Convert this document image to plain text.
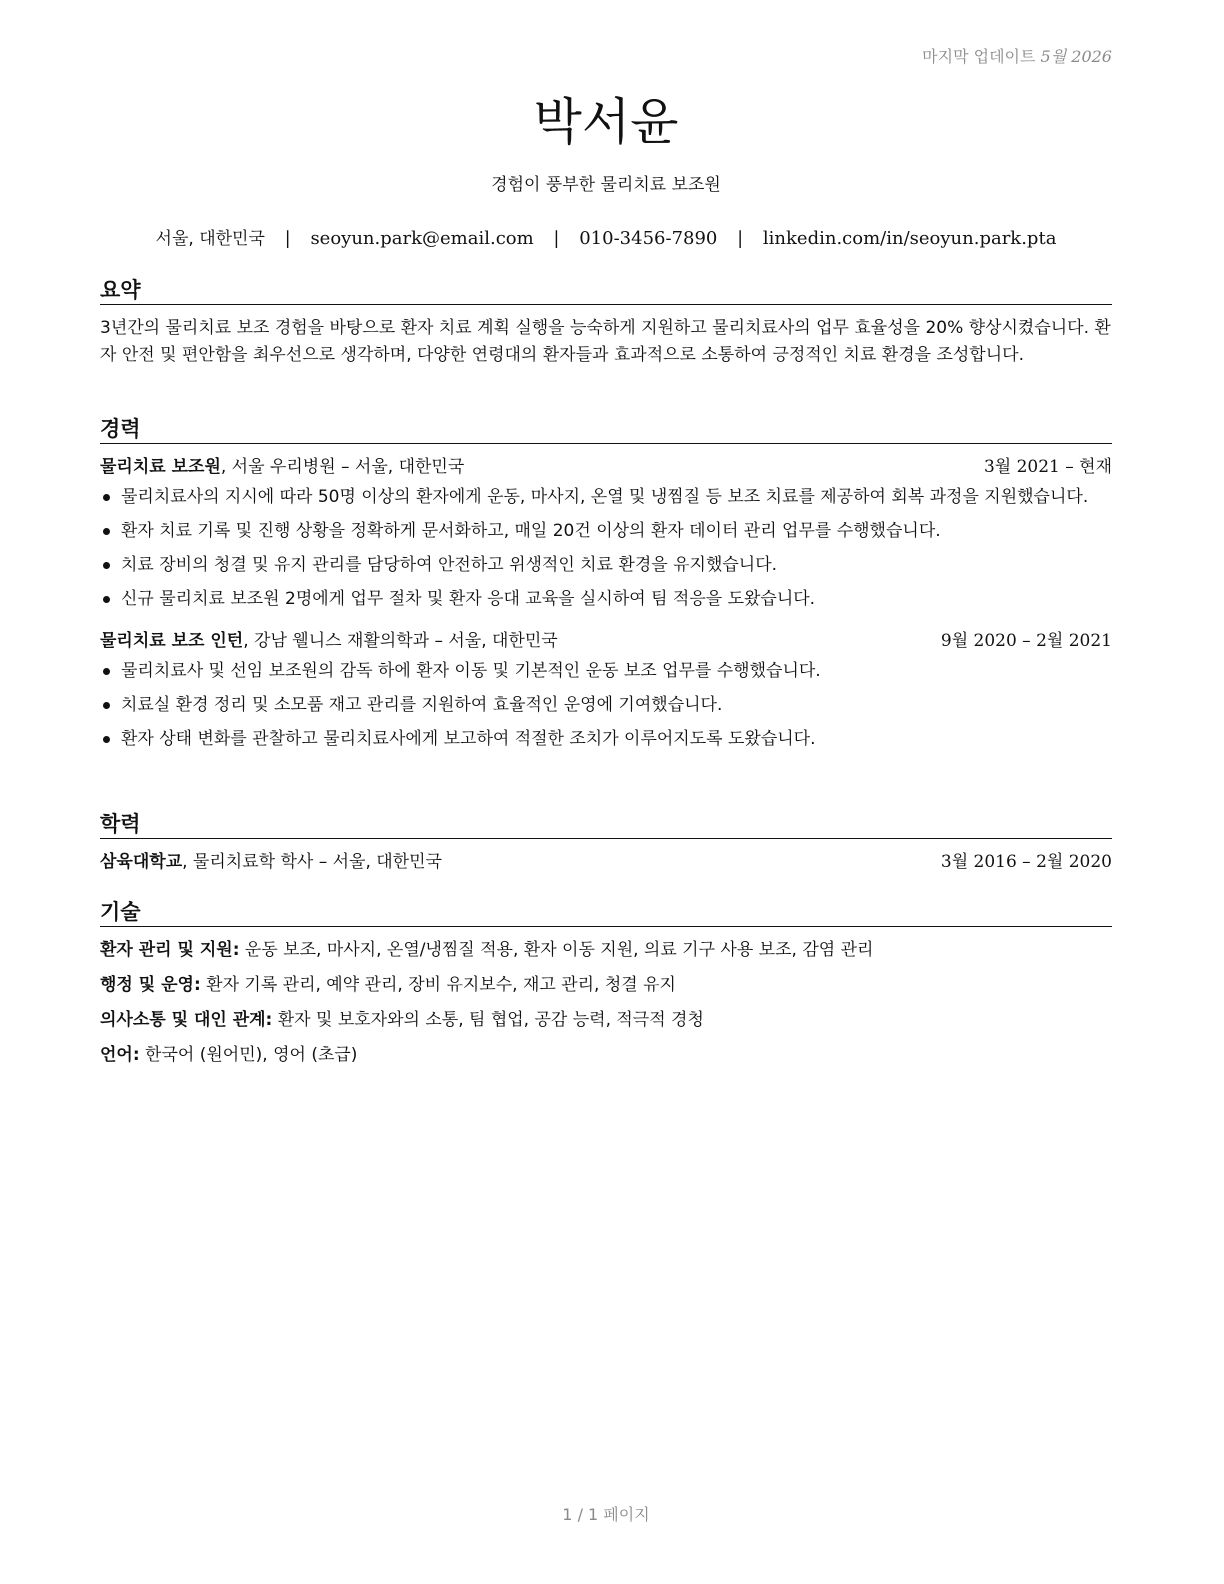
마지막 업데이트 5월 2026
박서윤
경험이 풍부한 물리치료 보조원
서울, 대한민국 | seoyun.park@email.com | 010-3456-7890 | linkedin.com/in/seoyun.park.pta
요약

3년간의 물리치료 보조 경험을 바탕으로 환자 치료 계획 실행을 능숙하게 지원하고 물리치료사의 업무 효율성을 20% 향상시켰습니다. 환자 안전 및 편안함을 최우선으로 생각하며, 다양한 연령대의 환자들과 효과적으로 소통하여 긍정적인 치료 환경을 조성합니다.

경력
물리치료 보조원, 서울 우리병원 – 서울, 대한민국	3월 2021 – 현재
물리치료사의 지시에 따라 50명 이상의 환자에게 운동, 마사지, 온열 및 냉찜질 등 보조 치료를 제공하여 회복 과정을 지원했습니다.
환자 치료 기록 및 진행 상황을 정확하게 문서화하고, 매일 20건 이상의 환자 데이터 관리 업무를 수행했습니다.
치료 장비의 청결 및 유지 관리를 담당하여 안전하고 위생적인 치료 환경을 유지했습니다.
신규 물리치료 보조원 2명에게 업무 절차 및 환자 응대 교육을 실시하여 팀 적응을 도왔습니다.
물리치료 보조 인턴, 강남 웰니스 재활의학과 – 서울, 대한민국	9월 2020 – 2월 2021
물리치료사 및 선임 보조원의 감독 하에 환자 이동 및 기본적인 운동 보조 업무를 수행했습니다.
치료실 환경 정리 및 소모품 재고 관리를 지원하여 효율적인 운영에 기여했습니다.
환자 상태 변화를 관찰하고 물리치료사에게 보고하여 적절한 조치가 이루어지도록 도왔습니다.
학력
삼육대학교, 물리치료학 학사 – 서울, 대한민국	3월 2016 – 2월 2020
기술
환자 관리 및 지원: 운동 보조, 마사지, 온열/냉찜질 적용, 환자 이동 지원, 의료 기구 사용 보조, 감염 관리
행정 및 운영: 환자 기록 관리, 예약 관리, 장비 유지보수, 재고 관리, 청결 유지
의사소통 및 대인 관계: 환자 및 보호자와의 소통, 팀 협업, 공감 능력, 적극적 경청
언어: 한국어 (원어민), 영어 (초급)
1 / 1 페이지
